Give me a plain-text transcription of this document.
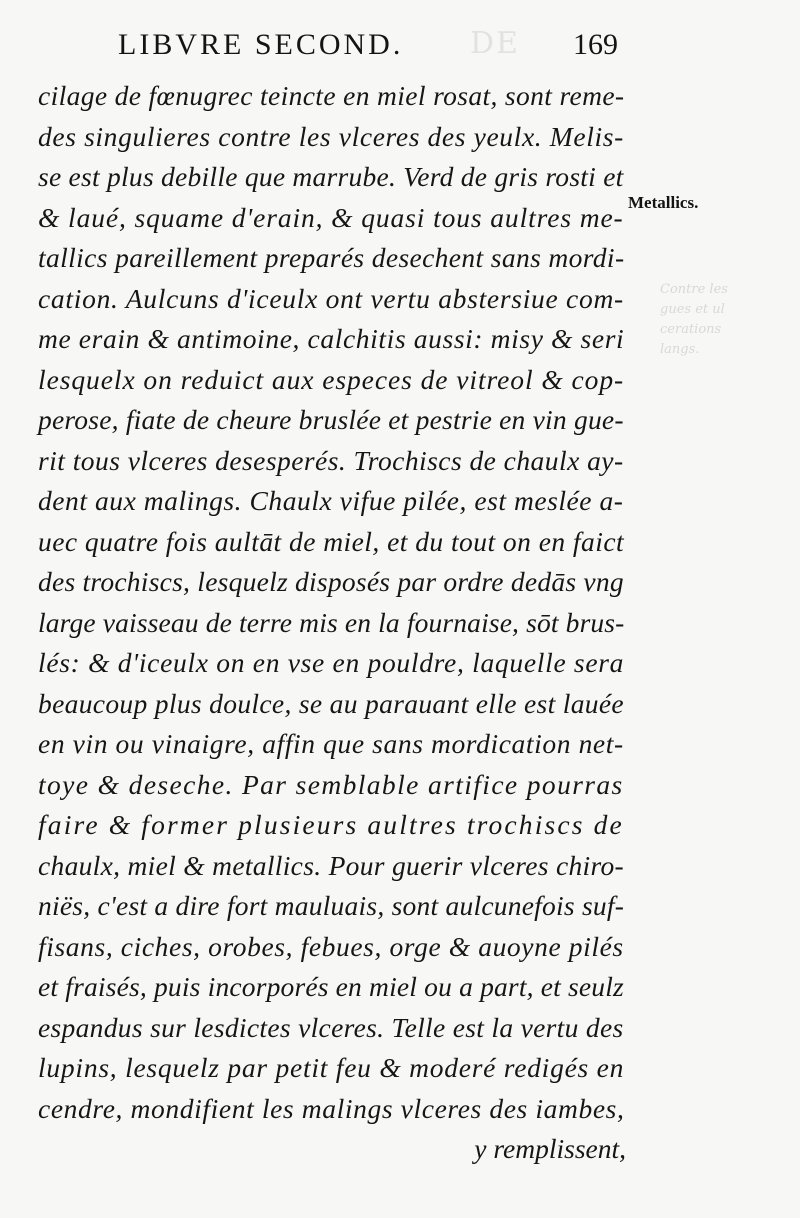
DE
Contre les
gues et ul
cerations
langs.
LIBVRE SECOND.	169
Metallics.
cilage de fœnugrec teincte en miel rosat, sont reme-
des singulieres contre les vlceres des yeulx. Melis-
se est plus debille que marrube. Verd de gris rosti et
& laué, squame d'erain, & quasi tous aultres me-
tallics pareillement preparés desechent sans mordi-
cation. Aulcuns d'iceulx ont vertu abstersiue com-
me erain & antimoine, calchitis aussi: misy & seri
lesquelx on reduict aux especes de vitreol & cop-
perose, fiate de cheure bruslée et pestrie en vin gue-
rit tous vlceres desesperés. Trochiscs de chaulx ay-
dent aux malings. Chaulx vifue pilée, est meslée a-
uec quatre fois aultāt de miel, et du tout on en faict
des trochiscs, lesquelz disposés par ordre dedās vng
large vaisseau de terre mis en la fournaise, sōt brus-
lés: & d'iceulx on en vse en pouldre, laquelle sera
beaucoup plus doulce, se au parauant elle est lauée
en vin ou vinaigre, affin que sans mordication net-
toye & deseche. Par semblable artifice pourras
faire & former plusieurs aultres trochiscs de
chaulx, miel & metallics. Pour guerir vlceres chiro-
niës, c'est a dire fort mauluais, sont aulcunefois suf-
fisans, ciches, orobes, febues, orge & auoyne pilés
et fraisés, puis incorporés en miel ou a part, et seulz
espandus sur lesdictes vlceres. Telle est la vertu des
lupins, lesquelz par petit feu & moderé redigés en
cendre, mondifient les malings vlceres des iambes,
y remplissent,
